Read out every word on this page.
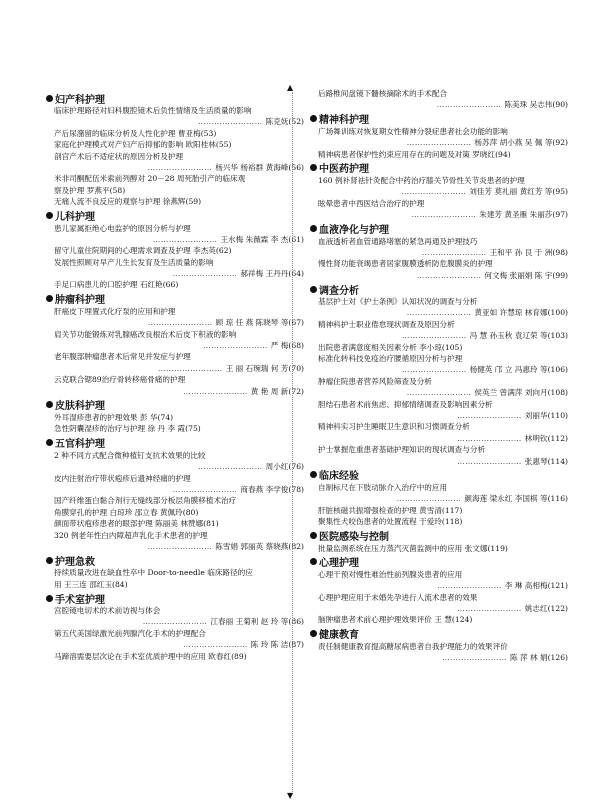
妇产科护理
临床护理路径对妇科腹腔镜术后负性情绪及生活质量的影响
…………………… 陈克妩(52)
产后尿潴留的临床分析及人性化护理 曹亚梅(53)
家庭化护理模式对产妇产后抑郁的影响 欧阳桂林(55)
剖宫产术后不适症状的原因分析及护理
…………………… 杨兴华 杨裕群 黄海峰(56)
米非司酮配伍米索前列醇对 20－28 周死胎引产的临床观
察及护理 罗燕平(58)
无痛人流不良反应的观察与护理 徐燕辉(59)
儿科护理
患儿家属拒绝心电监护的原因分析与护理
…………………… 王水梅 朱薇霖 李 杰(61)
留守儿童住院期间的心理需求调查及护理 李杰英(62)
发展性照顾对早产儿生长发育及生活质量的影响
…………………… 郝祥梅 王丹丹(64)
手足口病患儿的口腔护理 石红艳(66)
肿瘤科护理
肝癌皮下埋置式化疗泵的应用和护理
…………………… 顾 琼 任 燕 陈晓琴 等(67)
肩关节功能锻炼对乳腺癌改良根治术后皮下积液的影响
…………………… 严 梅(68)
老年腹部肿瘤患者术后常见并发症与护理
…………………… 王 丽 石琬瑞 何 芳(70)
云克联合锶89治疗骨转移癌骨痛的护理
…………………… 黄 艳 周 新(72)
皮肤科护理
外耳湿疹患者的护理效果 彭 华(74)
急性阴囊湿疹的治疗与护理 徐 丹 李 霞(75)
五官科护理
2 种不同方式配合微种植钉支抗术效果的比较
…………………… 周小红(76)
皮内注射治疗带状疱疹后遗神经痛的护理
…………………… 商春燕 李学俊(78)
国产纤维蛋白黏合剂行无缝线部分板层角膜移植术治疗
角膜穿孔的护理 白琼珍 邵立春 黄佩玲(80)
颜面带状疱疹患者的眼部护理 陈丽美 林赞娜(81)
320 例老年性白内障超声乳化手术患者的护理
…………………… 陈雪娟 郭丽英 蔡晓燕(82)
护理急救
持续质量改进在缺血性卒中 Door-to-needle 临床路径的应
用 王三连 邵红玉(84)
手术室护理
宫腔镜电切术的术前访视与体会
…………………… 江春丽 王菊利 赵 玲 等(86)
第五代美国绿激光前列腺汽化手术的护理配合
…………………… 陈 玲 陈 洁(87)
马蹄溶需要层次论在手术室优质护理中的应用 欧春红(89)
▲
▼
后路椎间盘镜下髓核摘除术的手术配合
…………………… 陈美珠 吴志伟(90)
精神科护理
广场舞训练对恢复期女性精神分裂症患者社会功能的影响
…………………… 杨苏萍 胡小燕 吴 佩 等(92)
精神病患者保护性约束应用存在的问题及对策 罗晓红(94)
中医药护理
160 例补肾祛针灸配合中药治疗膝关节骨性关节炎患者的护理
…………………… 刘佳芳 莫礼丽 黄红芳 等(95)
眩晕患者中西医结合治疗的护理
…………………… 朱建芳 黄圣雁 朱丽莎(97)
血液净化与护理
血液透析者血管通路堵塞的紧急再通及护理技巧
…………………… 王和平 孙 艮 于 洲(98)
慢性肾功能衰竭患者居家腹膜透析防危腹膜炎的护理
…………………… 何文梅 张丽娟 陈 宇(99)
调查分析
基层护士对《护士条例》认知状况的调查与分析
…………………… 黄亚如 许慧琼 林育娜(100)
精神科护士职业倦怠现状调查及原因分析
…………………… 冯 慧 孙玉秋 袁辽荣 等(103)
出院患者满意度相关因素分析 李小琼(105)
标准化转科技免疫治疗腰循原因分析与护理
…………………… 杨健英 邝 立 冯惠玲 等(106)
肿瘤住院患者营养风险筛查及分析
…………………… 侯英兰 曾满萍 刘向月(108)
胆结石患者术前焦虑、抑郁情绪调查及影响因素分析
…………………… 刘丽华(110)
精神科实习护生睡眠卫生意识和习惯调查分析
…………………… 林明钦(112)
护士掌握危重患者基础护理知识的现状调查与分析
…………………… 张惠琴(114)
临床经验
自制标尺在下肢动脉介入治疗中的应用
…………………… 颜海莲 梁永红 李国棋 等(116)
肝脏核磁共振增强检查的护理 黄雪清(117)
聚集性犬咬伤患者的处置流程 于爱玲(118)
医院感染与控制
批量监测系统在压力蒸汽灭菌监测中的应用 张文娜(119)
心理护理
心理干预对慢性难治性前列腺炎患者的应用
…………………… 李 琳 高相梅(121)
心理护理应用于未婚先孕进行人流术患者的效果
…………………… 姚志红(122)
脑肿瘤患者术前心理护理效果评价 王 慧(124)
健康教育
责任制健康教育提高糖尿病患者自我护理能力的效果评价
…………………… 陈 萍 林 娟(126)
